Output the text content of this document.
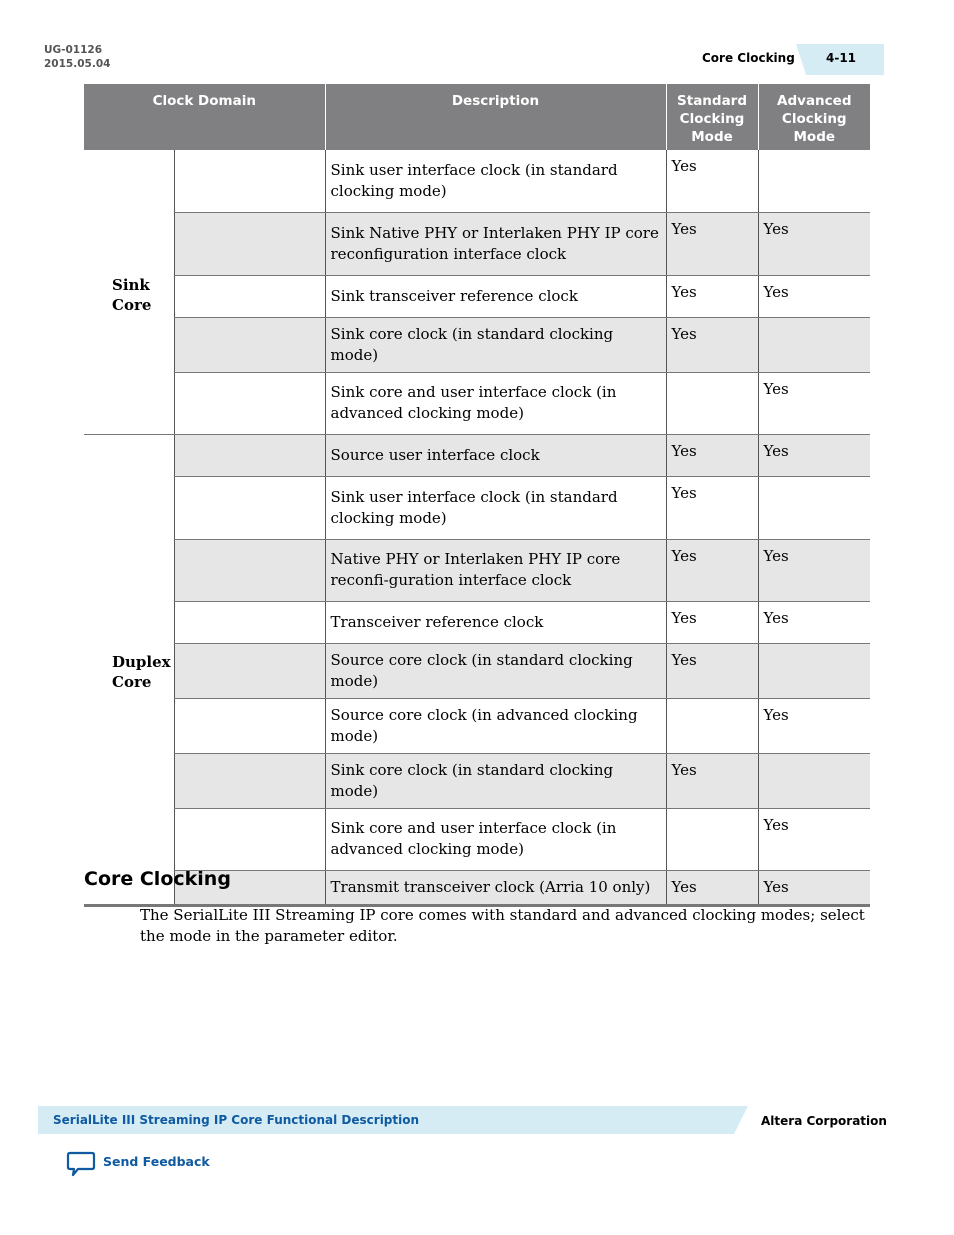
UG-01126
2015.05.04	Core Clocking	4-11
Clock Domain		Description	Standard Clocking Mode	Advanced Clocking Mode
Sink Core		Sink user interface clock (in standard clocking mode)	Yes	
		Sink Native PHY or Interlaken PHY IP core reconfiguration interface clock	Yes	Yes
		Sink transceiver reference clock	Yes	Yes
		Sink core clock (in standard clocking mode)	Yes	
		Sink core and user interface clock (in advanced clocking mode)		Yes
Duplex Core		Source user interface clock	Yes	Yes
		Sink user interface clock (in standard clocking mode)	Yes	
		Native PHY or Interlaken PHY IP core reconfi-guration interface clock	Yes	Yes
		Transceiver reference clock	Yes	Yes
		Source core clock (in standard clocking mode)	Yes	
		Source core clock (in advanced clocking mode)		Yes
		Sink core clock (in standard clocking mode)	Yes	
		Sink core and user interface clock (in advanced clocking mode)		Yes
		Transmit transceiver clock (Arria 10 only)	Yes	Yes
Core Clocking
The SerialLite III Streaming IP core comes with standard and advanced clocking modes; select the mode in the parameter editor.
SerialLite III Streaming IP Core Functional Description	Altera Corporation
Send Feedback
